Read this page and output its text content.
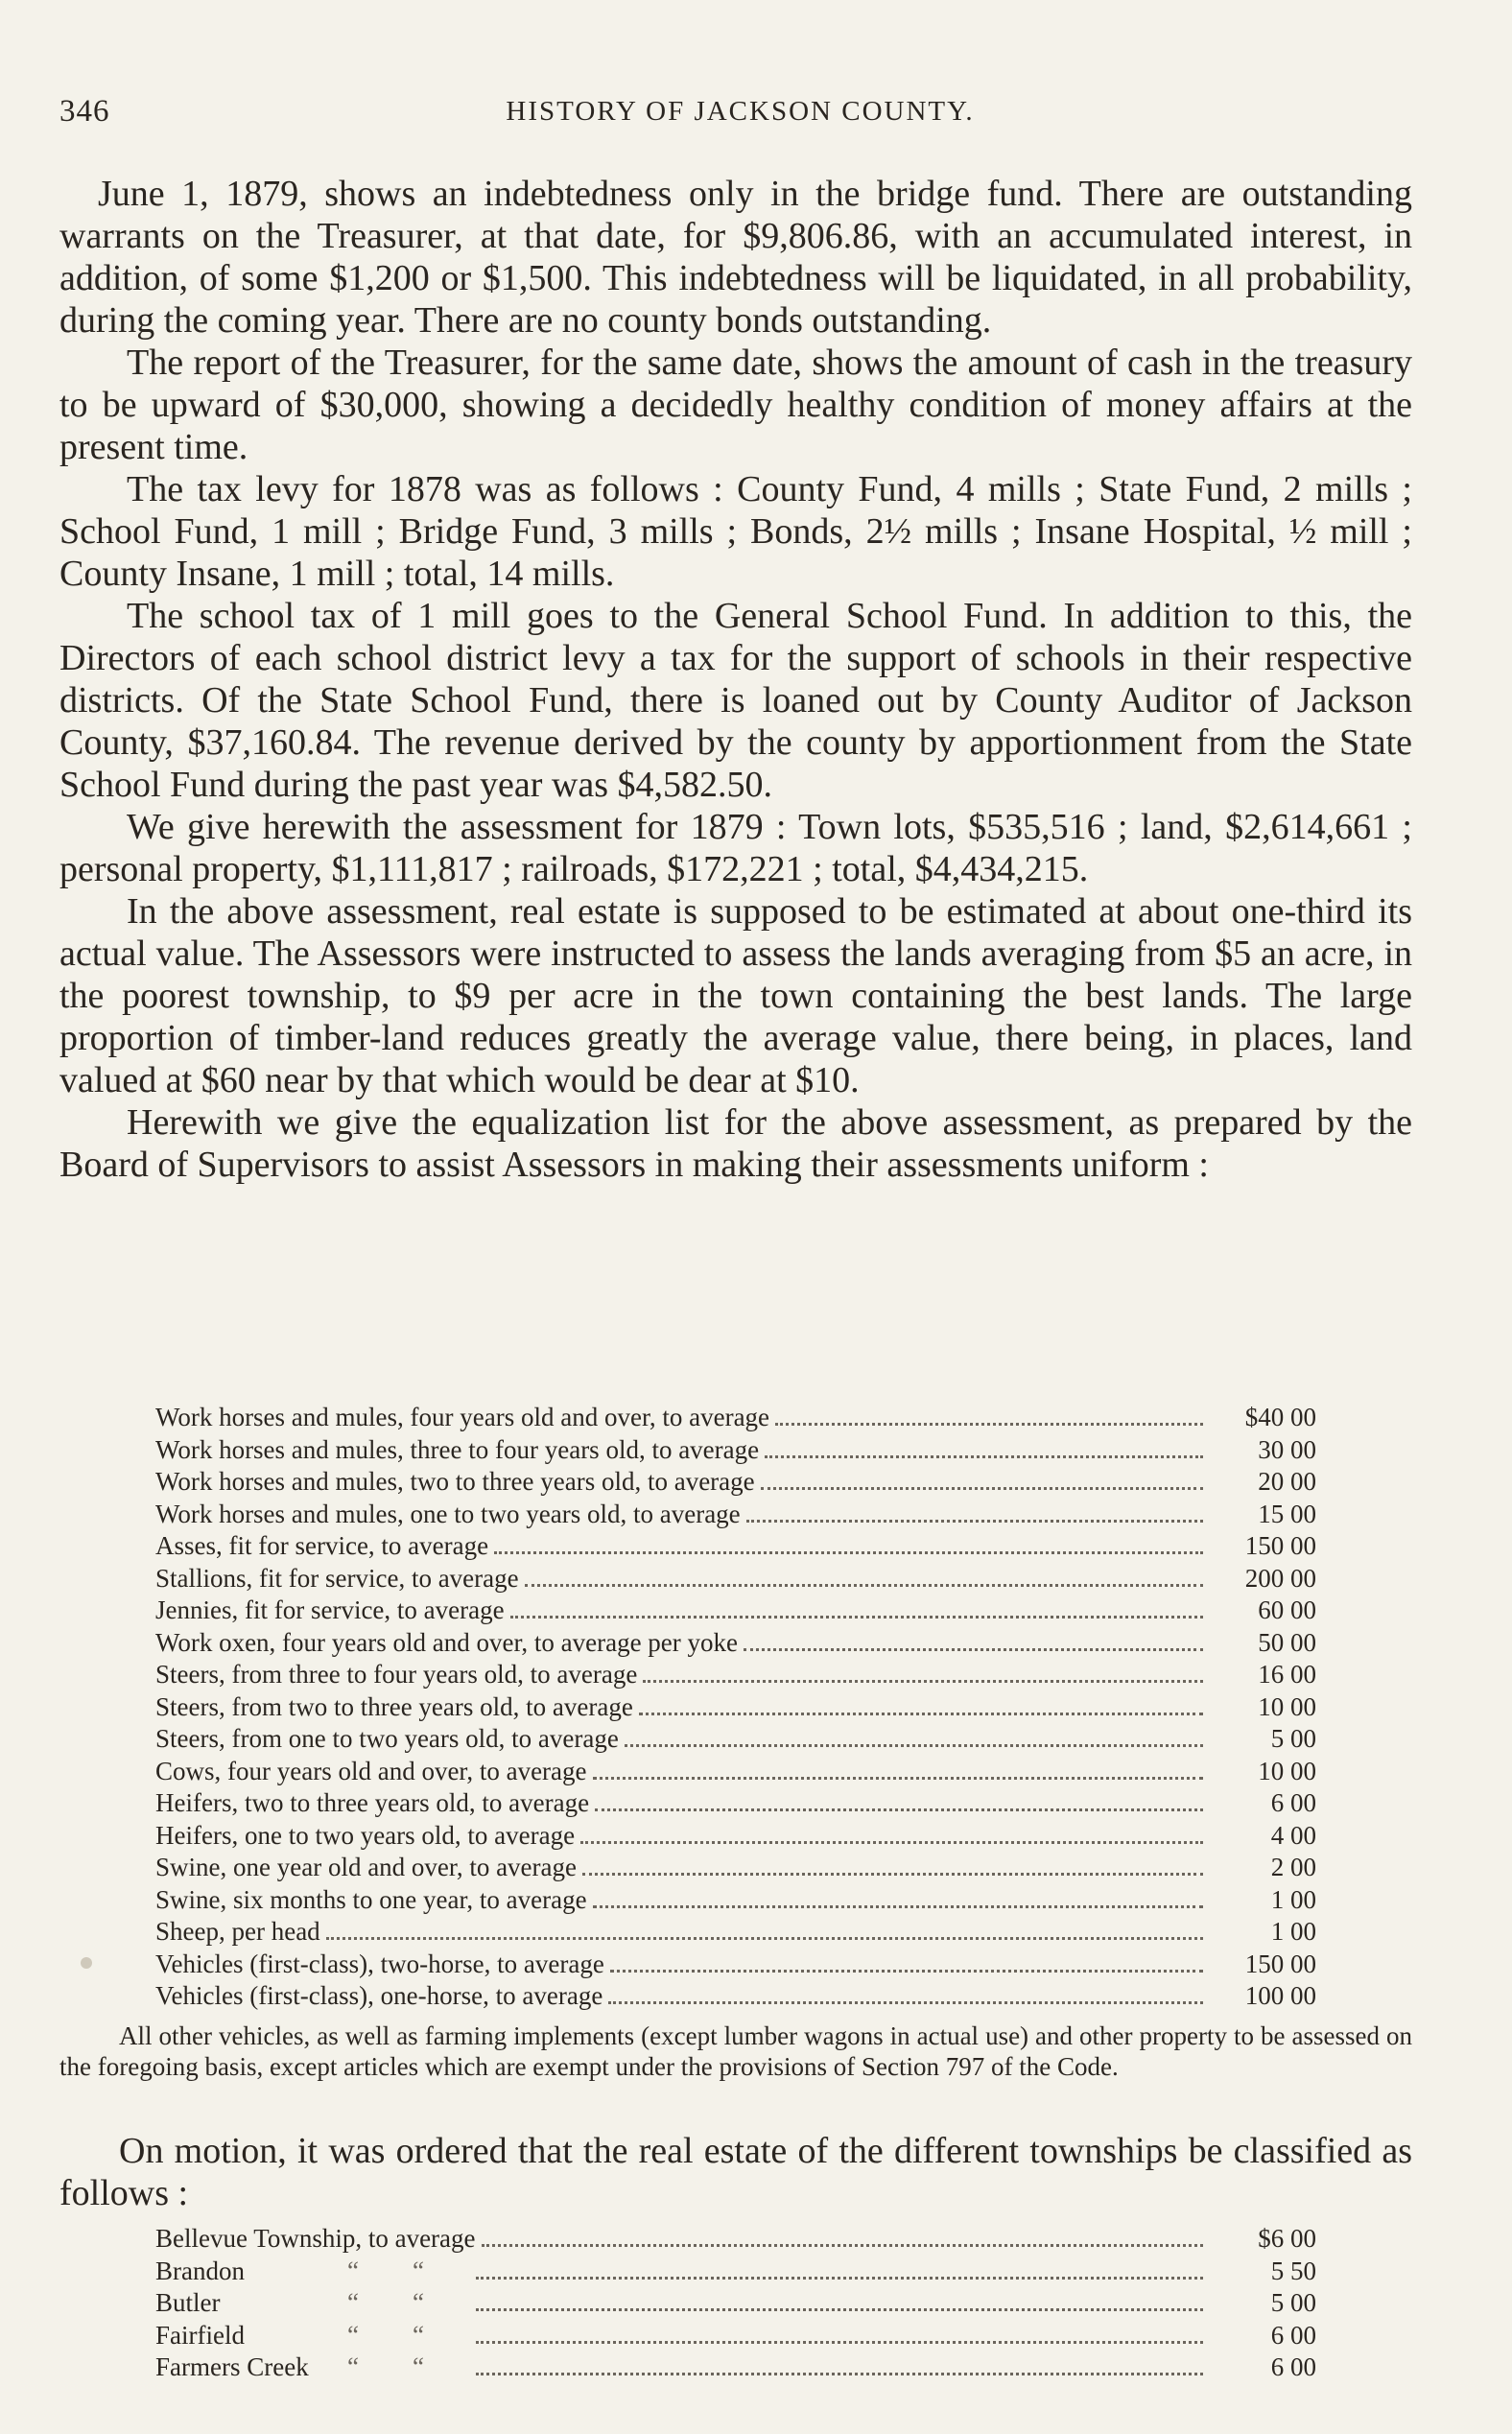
346	HISTORY OF JACKSON COUNTY.

June 1, 1879, shows an indebtedness only in the bridge fund. There are outstanding warrants on the Treasurer, at that date, for $9,806.86, with an accumulated interest, in addition, of some $1,200 or $1,500. This indebtedness will be liquidated, in all probability, during the coming year. There are no county bonds outstanding.

The report of the Treasurer, for the same date, shows the amount of cash in the treasury to be upward of $30,000, showing a decidedly healthy condition of money affairs at the present time.

The tax levy for 1878 was as follows : County Fund, 4 mills ; State Fund, 2 mills ; School Fund, 1 mill ; Bridge Fund, 3 mills ; Bonds, 2½ mills ; Insane Hospital, ½ mill ; County Insane, 1 mill ; total, 14 mills.

The school tax of 1 mill goes to the General School Fund. In addition to this, the Directors of each school district levy a tax for the support of schools in their respective districts. Of the State School Fund, there is loaned out by County Auditor of Jackson County, $37,160.84. The revenue derived by the county by apportionment from the State School Fund during the past year was $4,582.50.

We give herewith the assessment for 1879 : Town lots, $535,516 ; land, $2,614,661 ; personal property, $1,111,817 ; railroads, $172,221 ; total, $4,434,215.

In the above assessment, real estate is supposed to be estimated at about one-third its actual value. The Assessors were instructed to assess the lands averaging from $5 an acre, in the poorest township, to $9 per acre in the town containing the best lands. The large proportion of timber-land reduces greatly the average value, there being, in places, land valued at $60 near by that which would be dear at $10.

Herewith we give the equalization list for the above assessment, as prepared by the Board of Supervisors to assist Assessors in making their assessments uniform :

Work horses and mules, four years old and over, to average	$40 00
Work horses and mules, three to four years old, to average	30 00
Work horses and mules, two to three years old, to average	20 00
Work horses and mules, one to two years old, to average	15 00
Asses, fit for service, to average	150 00
Stallions, fit for service, to average	200 00
Jennies, fit for service, to average	60 00
Work oxen, four years old and over, to average per yoke	50 00
Steers, from three to four years old, to average	16 00
Steers, from two to three years old, to average	10 00
Steers, from one to two years old, to average	5 00
Cows, four years old and over, to average	10 00
Heifers, two to three years old, to average	6 00
Heifers, one to two years old, to average	4 00
Swine, one year old and over, to average	2 00
Swine, six months to one year, to average	1 00
Sheep, per head	1 00
Vehicles (first-class), two-horse, to average	150 00
Vehicles (first-class), one-horse, to average	100 00

All other vehicles, as well as farming implements (except lumber wagons in actual use) and other property to be assessed on the foregoing basis, except articles which are exempt under the provisions of Section 797 of the Code.

On motion, it was ordered that the real estate of the different townships be classified as follows :

Bellevue Township, to average	$6 00
Brandon	“	“	5 50
Butler	“	“	5 00
Fairfield	“	“	6 00
Farmers Creek	“	“	6 00
